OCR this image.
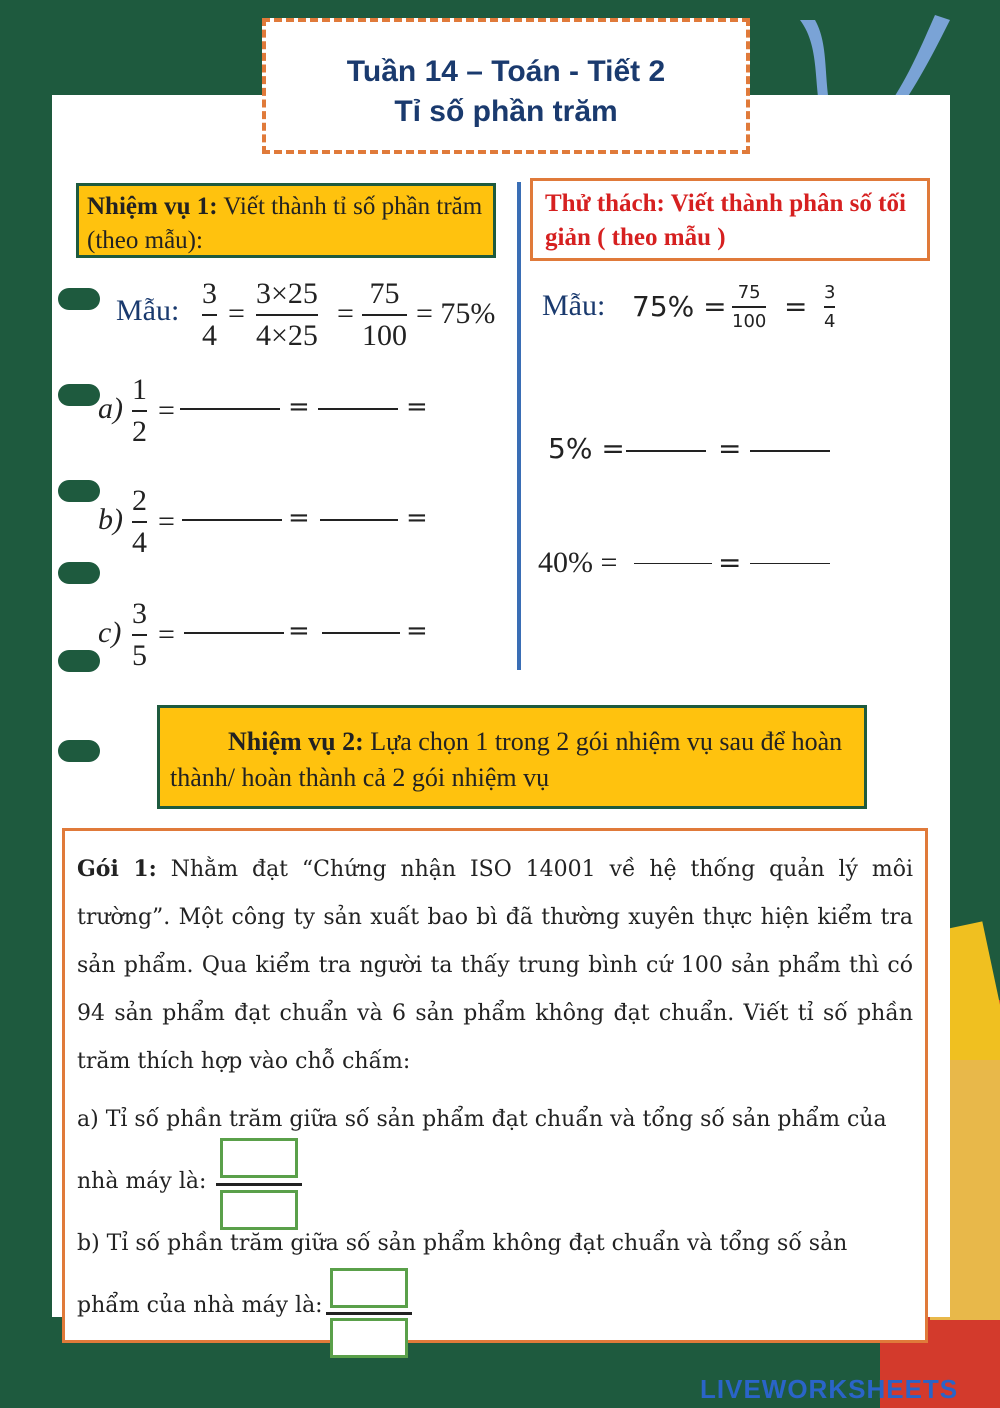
Tuần 14 – Toán - Tiết 2
Tỉ số phần trăm
Nhiệm vụ 1: Viết thành tỉ số phần trăm (theo mẫu):
Thử thách: Viết thành phân số tối giản ( theo mẫu )
Mẫu:
3
4
=
3×25
4×25
=
75
100
= 75%
a)
1
2
=	=	=
b)
2
4
=	=	=
c)
3
5
=	=	=
Mẫu: 75% = 75
100 = 3
4
5% =	=
40% =	=
Nhiệm vụ 2: Lựa chọn 1 trong 2 gói nhiệm vụ sau để hoàn thành/ hoàn thành cả 2 gói nhiệm vụ

Gói 1: Nhằm đạt “Chứng nhận ISO 14001 về hệ thống quản lý môi trường”. Một công ty sản xuất bao bì đã thường xuyên thực hiện kiểm tra sản phẩm. Qua kiểm tra người ta thấy trung bình cứ 100 sản phẩm thì có 94 sản phẩm đạt chuẩn và 6 sản phẩm không đạt chuẩn. Viết tỉ số phần trăm thích hợp vào chỗ chấm:

a) Tỉ số phần trăm giữa số sản phẩm đạt chuẩn và tổng số sản phẩm của

nhà máy là:

b) Tỉ số phần trăm giữa số sản phẩm không đạt chuẩn và tổng số sản

phẩm của nhà máy là:

LIVEWORKSHEETS
